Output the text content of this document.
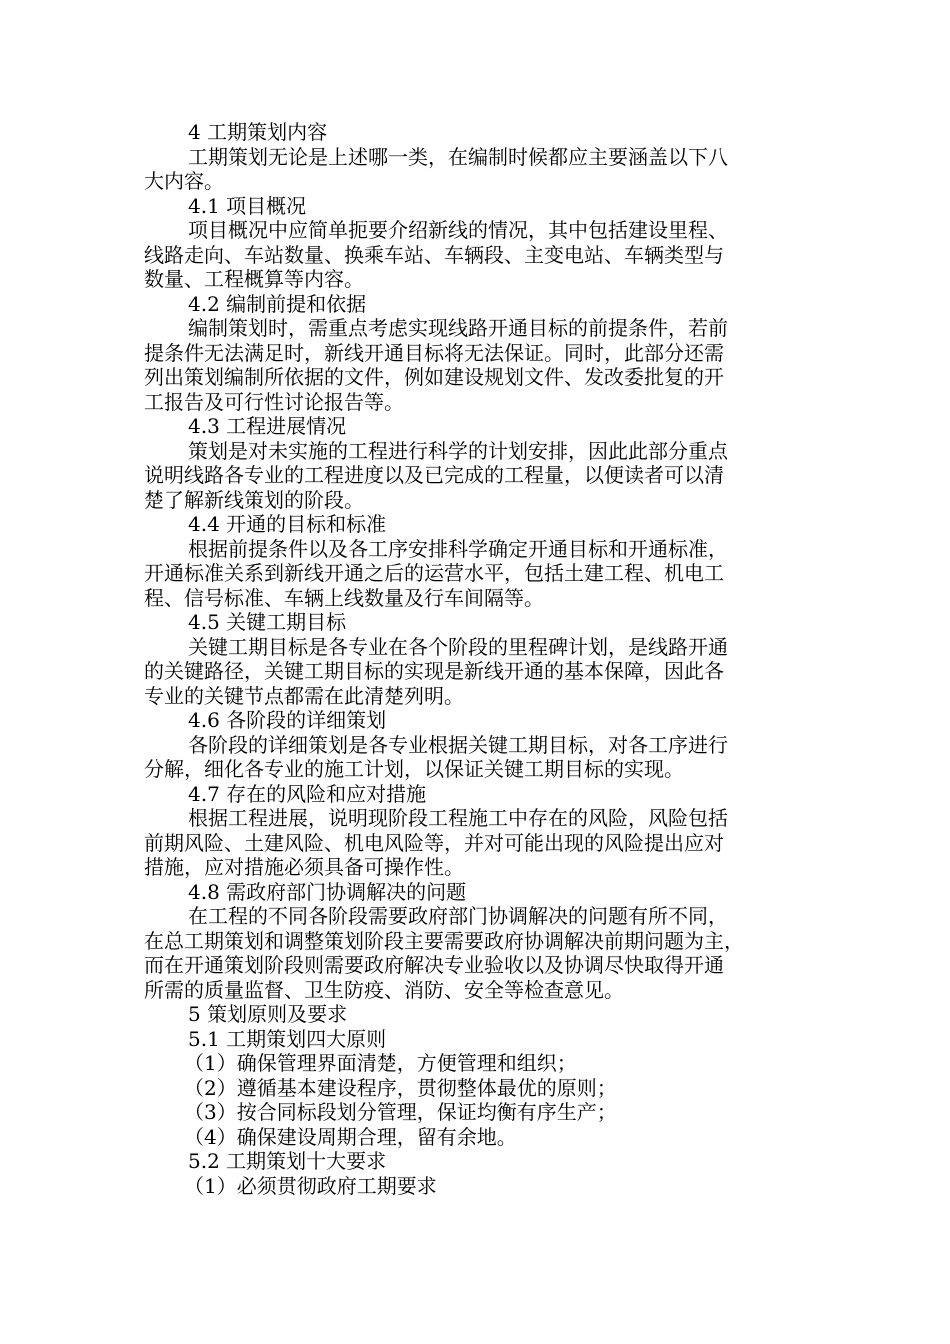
4 工期策划内容
工期策划无论是上述哪一类，在编制时候都应主要涵盖以下八
大内容。
4.1 项目概况
项目概况中应简单扼要介绍新线的情况，其中包括建设里程、
线路走向、车站数量、换乘车站、车辆段、主变电站、车辆类型与
数量、工程概算等内容。
4.2 编制前提和依据
编制策划时，需重点考虑实现线路开通目标的前提条件，若前
提条件无法满足时，新线开通目标将无法保证。同时，此部分还需
列出策划编制所依据的文件，例如建设规划文件、发改委批复的开
工报告及可行性讨论报告等。
4.3 工程进展情况
策划是对未实施的工程进行科学的计划安排，因此此部分重点
说明线路各专业的工程进度以及已完成的工程量，以便读者可以清
楚了解新线策划的阶段。
4.4 开通的目标和标准
根据前提条件以及各工序安排科学确定开通目标和开通标准，
开通标准关系到新线开通之后的运营水平，包括土建工程、机电工
程、信号标准、车辆上线数量及行车间隔等。
4.5 关键工期目标
关键工期目标是各专业在各个阶段的里程碑计划，是线路开通
的关键路径，关键工期目标的实现是新线开通的基本保障，因此各
专业的关键节点都需在此清楚列明。
4.6 各阶段的详细策划
各阶段的详细策划是各专业根据关键工期目标，对各工序进行
分解，细化各专业的施工计划，以保证关键工期目标的实现。
4.7 存在的风险和应对措施
根据工程进展，说明现阶段工程施工中存在的风险，风险包括
前期风险、土建风险、机电风险等，并对可能出现的风险提出应对
措施，应对措施必须具备可操作性。
4.8 需政府部门协调解决的问题
在工程的不同各阶段需要政府部门协调解决的问题有所不同，
在总工期策划和调整策划阶段主要需要政府协调解决前期问题为主，
而在开通策划阶段则需要政府解决专业验收以及协调尽快取得开通
所需的质量监督、卫生防疫、消防、安全等检查意见。
5 策划原则及要求
5.1 工期策划四大原则
（1）确保管理界面清楚，方便管理和组织；
（2）遵循基本建设程序，贯彻整体最优的原则；
（3）按合同标段划分管理，保证均衡有序生产；
（4）确保建设周期合理，留有余地。
5.2 工期策划十大要求
（1）必须贯彻政府工期要求
